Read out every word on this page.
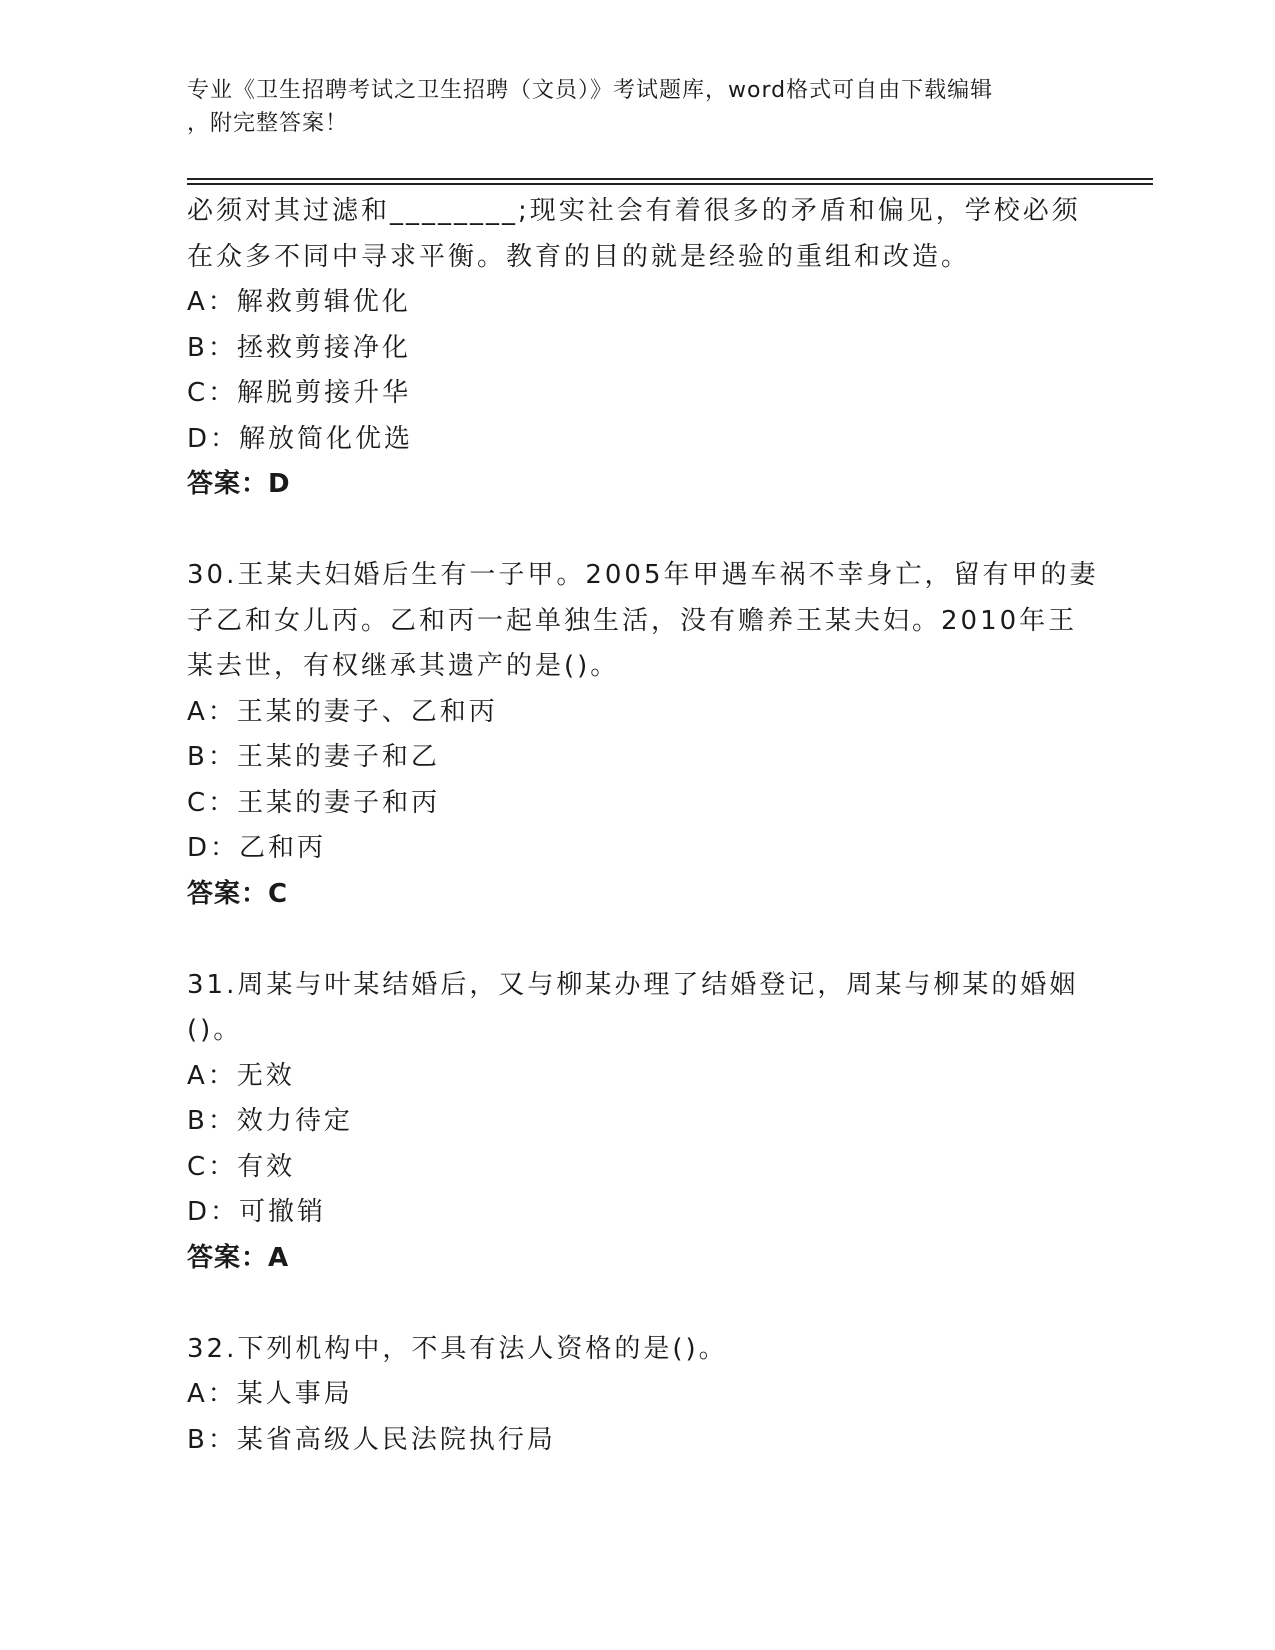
专业《卫生招聘考试之卫生招聘（文员）》考试题库，word格式可自由下载编辑
，附完整答案！
必须对其过滤和________;现实社会有着很多的矛盾和偏见，学校必须
在众多不同中寻求平衡。教育的目的就是经验的重组和改造。
A：解救剪辑优化
B：拯救剪接净化
C：解脱剪接升华
D：解放简化优选
答案：D
30.王某夫妇婚后生有一子甲。2005年甲遇车祸不幸身亡，留有甲的妻
子乙和女儿丙。乙和丙一起单独生活，没有赡养王某夫妇。2010年王
某去世，有权继承其遗产的是()。
A：王某的妻子、乙和丙
B：王某的妻子和乙
C：王某的妻子和丙
D：乙和丙
答案：C
31.周某与叶某结婚后，又与柳某办理了结婚登记，周某与柳某的婚姻
()。
A：无效
B：效力待定
C：有效
D：可撤销
答案：A
32.下列机构中，不具有法人资格的是()。
A：某人事局
B：某省高级人民法院执行局
